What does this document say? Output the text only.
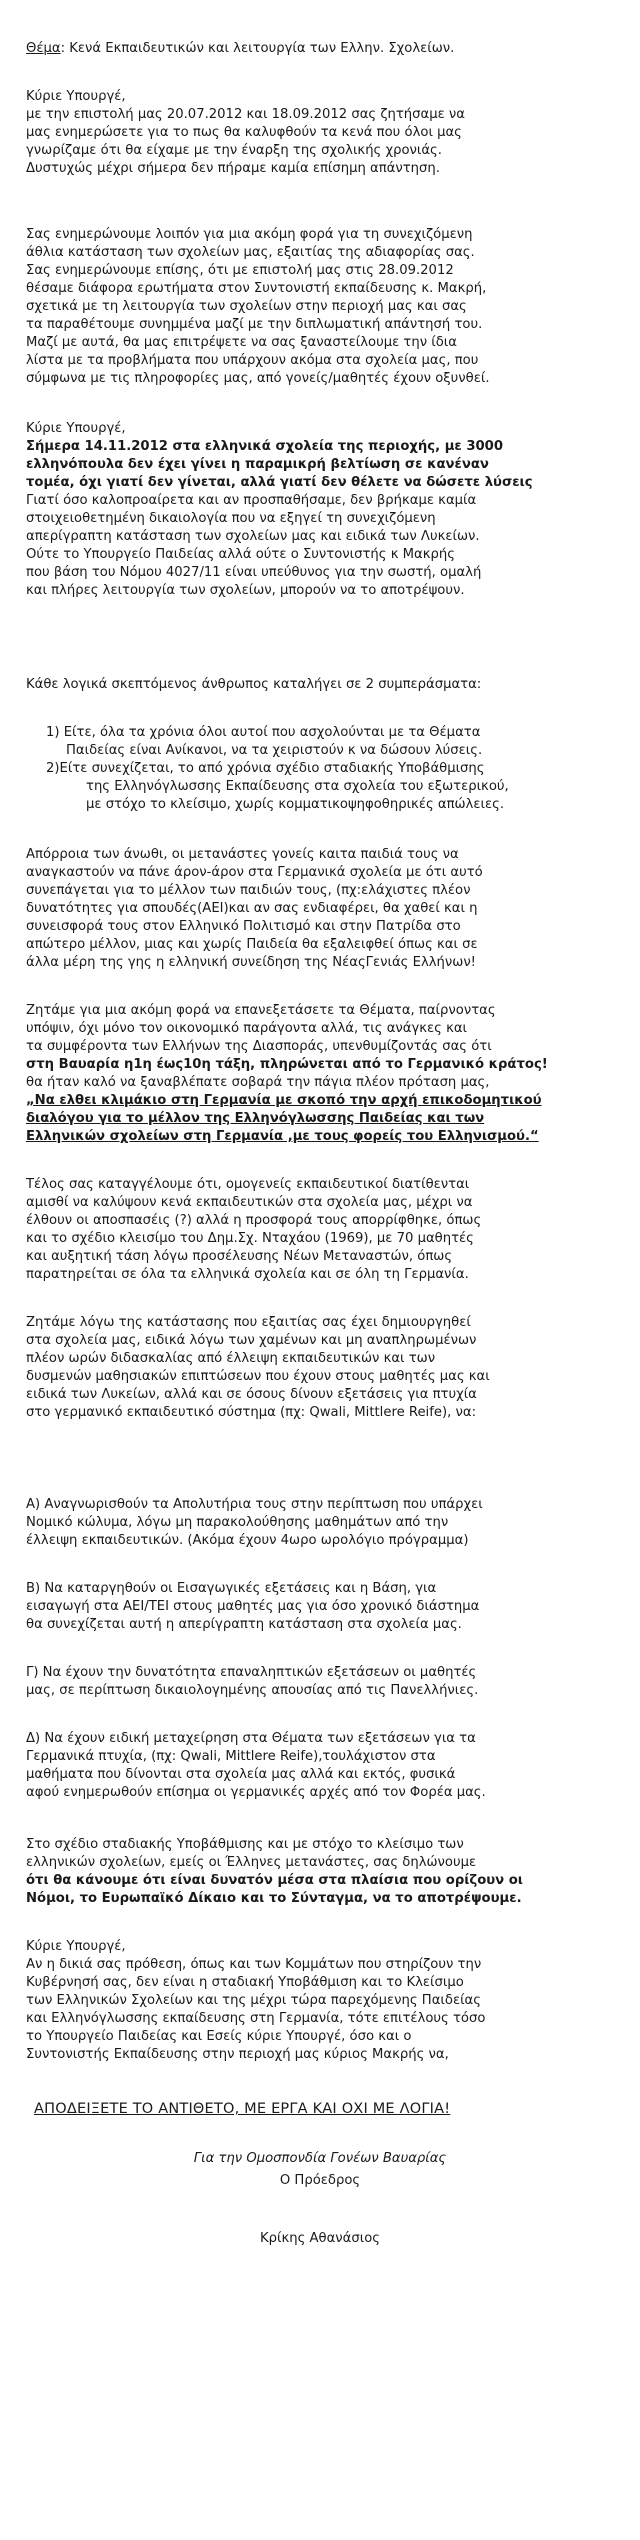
Θέμα: Κενά Εκπαιδευτικών και λειτουργία των Ελλην. Σχολείων.
Κύριε Υπουργέ,
με την επιστολή μας 20.07.2012 και 18.09.2012 σας ζητήσαμε να
μας ενημερώσετε για το πως θα καλυφθούν τα κενά που όλοι μας
γνωρίζαμε ότι θα είχαμε με την έναρξη της σχολικής χρονιάς.
Δυστυχώς μέχρι σήμερα δεν πήραμε καμία επίσημη απάντηση.
Σας ενημερώνουμε λοιπόν για μια ακόμη φορά για τη συνεχιζόμενη
άθλια κατάσταση των σχολείων μας, εξαιτίας της αδιαφορίας σας.
Σας ενημερώνουμε επίσης, ότι με επιστολή μας στις 28.09.2012
θέσαμε διάφορα ερωτήματα στον Συντονιστή εκπαίδευσης κ. Μακρή,
σχετικά με τη λειτουργία των σχολείων στην περιοχή μας και σας
τα παραθέτουμε συνημμένα μαζί με την διπλωματική απάντησή του.
Μαζί με αυτά, θα μας επιτρέψετε να σας ξαναστείλουμε την ίδια
λίστα με τα προβλήματα που υπάρχουν ακόμα στα σχολεία μας, που
σύμφωνα με τις πληροφορίες μας, από γονείς/μαθητές έχουν οξυνθεί.
Κύριε Υπουργέ,
Σήμερα 14.11.2012 στα ελληνικά σχολεία της περιοχής, με 3000
ελληνόπουλα δεν έχει γίνει η παραμικρή βελτίωση σε κανέναν
τομέα, όχι γιατί δεν γίνεται, αλλά γιατί δεν θέλετε να δώσετε λύσεις
Γιατί όσο καλοπροαίρετα και αν προσπαθήσαμε, δεν βρήκαμε καμία
στοιχειοθετημένη δικαιολογία που να εξηγεί τη συνεχιζόμενη
απερίγραπτη κατάσταση των σχολείων μας και ειδικά των Λυκείων.
Ούτε το Υπουργείο Παιδείας αλλά ούτε ο Συντονιστής κ Μακρής
που βάση του Νόμου 4027/11 είναι υπεύθυνος για την σωστή, ομαλή
και πλήρες λειτουργία των σχολείων, μπορούν να το αποτρέψουν.
Κάθε λογικά σκεπτόμενος άνθρωπος καταλήγει σε 2 συμπεράσματα:
1) Είτε, όλα τα χρόνια όλοι αυτοί που ασχολούνται με τα Θέματα
Παιδείας είναι Ανίκανοι, να τα χειριστούν κ να δώσουν λύσεις.
2)Είτε συνεχίζεται, το από χρόνια σχέδιο σταδιακής Υποβάθμισης
της Ελληνόγλωσσης Εκπαίδευσης στα σχολεία του εξωτερικού,
με στόχο το κλείσιμο, χωρίς κομματικοψηφοθηρικές απώλειες.
Απόρροια των άνωθι, οι μετανάστες γονείς καιτα παιδιά τους να
αναγκαστούν να πάνε άρον-άρον στα Γερμανικά σχολεία με ότι αυτό
συνεπάγεται για το μέλλον των παιδιών τους, (πχ:ελάχιστες πλέον
δυνατότητες για σπουδές(ΑΕΙ)και αν σας ενδιαφέρει, θα χαθεί και η
συνεισφορά τους στον Ελληνικό Πολιτισμό και στην Πατρίδα στο
απώτερο μέλλον, μιας και χωρίς Παιδεία θα εξαλειφθεί όπως και σε
άλλα μέρη της γης η ελληνική συνείδηση της ΝέαςΓενιάς Ελλήνων!
Ζητάμε για μια ακόμη φορά να επανεξετάσετε τα Θέματα, παίρνοντας
υπόψιν, όχι μόνο τον οικονομικό παράγοντα αλλά, τις ανάγκες και
τα συμφέροντα των Ελλήνων της Διασποράς, υπενθυμίζοντάς σας ότι
στη Βαυαρία η1η έως10η τάξη, πληρώνεται από το Γερμανικό κράτος!
θα ήταν καλό να ξαναβλέπατε σοβαρά την πάγια πλέον πρόταση μας,
„Να ελθει κλιμάκιο στη Γερμανία με σκοπό την αρχή επικοδομητικού
διαλόγου για το μέλλον της Ελληνόγλωσσης Παιδείας και των
Ελληνικών σχολείων στη Γερμανία ,με τους φορείς του Ελληνισμού.“
Τέλος σας καταγγέλουμε ότι, ομογενείς εκπαιδευτικοί διατίθενται
αμισθί να καλύψουν κενά εκπαιδευτικών στα σχολεία μας, μέχρι να
έλθουν οι αποσπασέις (?) αλλά η προσφορά τους απορρίφθηκε, όπως
και το σχέδιο κλεισίμο του Δημ.Σχ. Νταχάου (1969), με 70 μαθητές
και αυξητική τάση λόγω προσέλευσης Νέων Μεταναστών, όπως
παρατηρείται σε όλα τα ελληνικά σχολεία και σε όλη τη Γερμανία.
Ζητάμε λόγω της κατάστασης που εξαιτίας σας έχει δημιουργηθεί
στα σχολεία μας, ειδικά λόγω των χαμένων και μη αναπληρωμένων
πλέον ωρών διδασκαλίας από έλλειψη εκπαιδευτικών και των
δυσμενών μαθησιακών επιπτώσεων που έχουν στους μαθητές μας και
ειδικά των Λυκείων, αλλά και σε όσους δίνουν εξετάσεις για πτυχία
στο γερμανικό εκπαιδευτικό σύστημα (πχ: Qwali, Mittlere Reife), να:
Α) Αναγνωρισθούν τα Απολυτήρια τους στην περίπτωση που υπάρχει
Νομικό κώλυμα, λόγω μη παρακολούθησης μαθημάτων από την
έλλειψη εκπαιδευτικών. (Ακόμα έχουν 4ωρο ωρολόγιο πρόγραμμα)
Β) Να καταργηθούν οι Εισαγωγικές εξετάσεις και η Βάση, για
εισαγωγή στα ΑΕΙ/ΤΕΙ στους μαθητές μας για όσο χρονικό διάστημα
θα συνεχίζεται αυτή η απερίγραπτη κατάσταση στα σχολεία μας.
Γ) Να έχουν την δυνατότητα επαναληπτικών εξετάσεων οι μαθητές
μας, σε περίπτωση δικαιολογημένης απουσίας από τις Πανελλήνιες.
Δ) Να έχουν ειδική μεταχείρηση στα Θέματα των εξετάσεων για τα
Γερμανικά πτυχία, (πχ: Qwali, Mittlere Reife),τουλάχιστον στα
μαθήματα που δίνονται στα σχολεία μας αλλά και εκτός, φυσικά
αφού ενημερωθούν επίσημα οι γερμανικές αρχές από τον Φορέα μας.
Στο σχέδιο σταδιακής Υποβάθμισης και με στόχο το κλείσιμο των
ελληνικών σχολείων, εμείς οι Έλληνες μετανάστες, σας δηλώνουμε
ότι θα κάνουμε ότι είναι δυνατόν μέσα στα πλαίσια που ορίζουν οι
Νόμοι, το Ευρωπαϊκό Δίκαιο και το Σύνταγμα, να το αποτρέψουμε.
Κύριε Υπουργέ,
Αν η δικιά σας πρόθεση, όπως και των Κομμάτων που στηρίζουν την
Κυβέρνησή σας, δεν είναι η σταδιακή Υποβάθμιση και το Κλείσιμο
των Ελληνικών Σχολείων και της μέχρι τώρα παρεχόμενης Παιδείας
και Ελληνόγλωσσης εκπαίδευσης στη Γερμανία, τότε επιτέλους τόσο
το Υπουργείο Παιδείας και Εσείς κύριε Υπουργέ, όσο και ο
Συντονιστής Εκπαίδευσης στην περιοχή μας κύριος Μακρής να,
ΑΠΟΔΕΙΞΕΤΕ ΤΟ ΑΝΤΙΘΕΤΟ, ΜΕ ΕΡΓΑ ΚΑΙ ΟΧΙ ΜΕ ΛΟΓΙΑ!
Για την Ομοσπονδία Γονέων Βαυαρίας
Ο Πρόεδρος
Κρίκης Αθανάσιος
